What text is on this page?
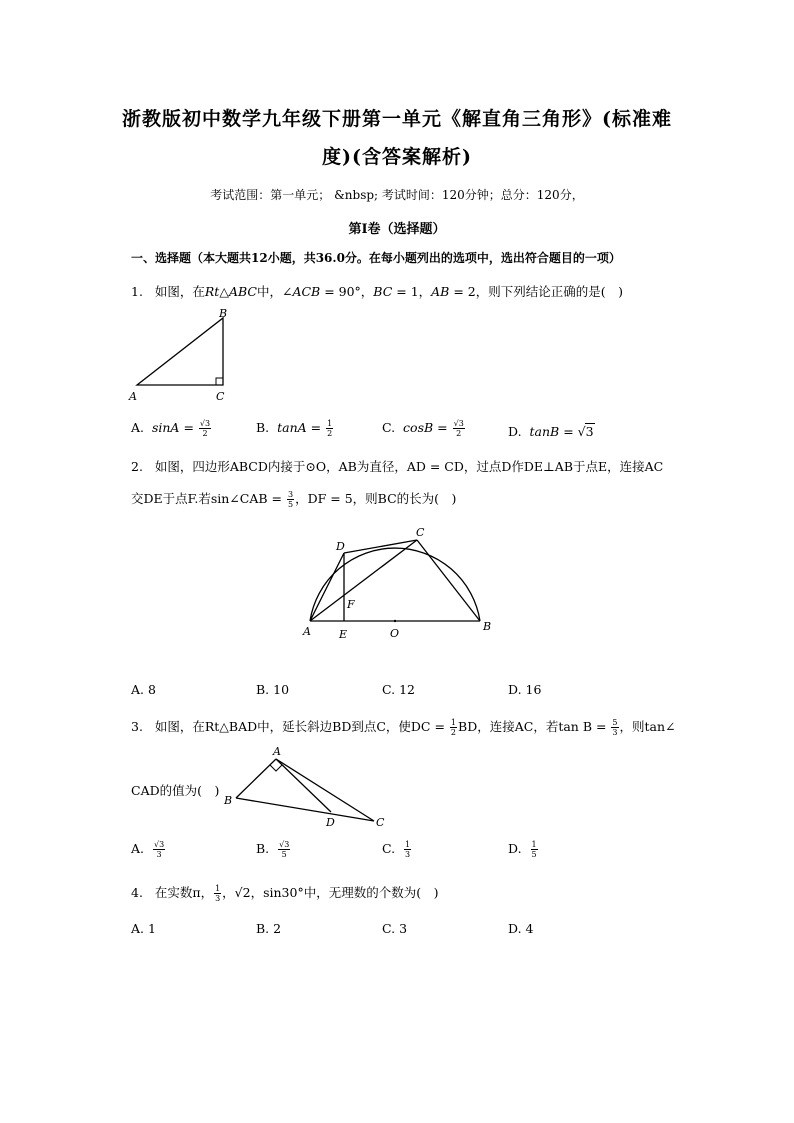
浙教版初中数学九年级下册第一单元《解直角三角形》(标准难
度)(含答案解析)
考试范围：第一单元； &nbsp; 考试时间：120分钟；总分：120分，
第I卷（选择题）
一、选择题（本大题共12小题，共36.0分。在每小题列出的选项中，选出符合题目的一项）
1. 如图，在Rt△ABC中，∠ACB = 90°，BC = 1，AB = 2，则下列结论正确的是(　)
B
A	C
A. $\sin A = \frac{√3}{2}$	B. $\tan A = \frac{1}{2}$	C. $\cos B = \frac{√3}{2}$	D. tanB = √3
2. 如图，四边形ABCD内接于⊙O，AB为直径，AD = CD，过点D作DE⊥AB于点E，连接AC
交DE于点F.若sin∠CAB = $\frac{3}{5}$ ，DF = 5，则BC的长为(　)
D
C
F
A	E	O
B
A. 8	B. 10	C. 12	D. 16
3. 如图，在Rt△BAD中，延长斜边BD到点C，使DC = $\frac{1}{2}$ BD，连接AC，若$\tan B = \frac{5}{3}$ ，则tan∠
CAD的值为(　)
A
B
D	C
A. $\frac{√3}{3}$	B. $\frac{√3}{5}$	C. $\frac{1}{3}$	D. $\frac{1}{5}$
4. 在实数π， $\frac{1}{3}$ ，√2，sin30°中，无理数的个数为(　)
A. 1	B. 2	C. 3	D. 4
